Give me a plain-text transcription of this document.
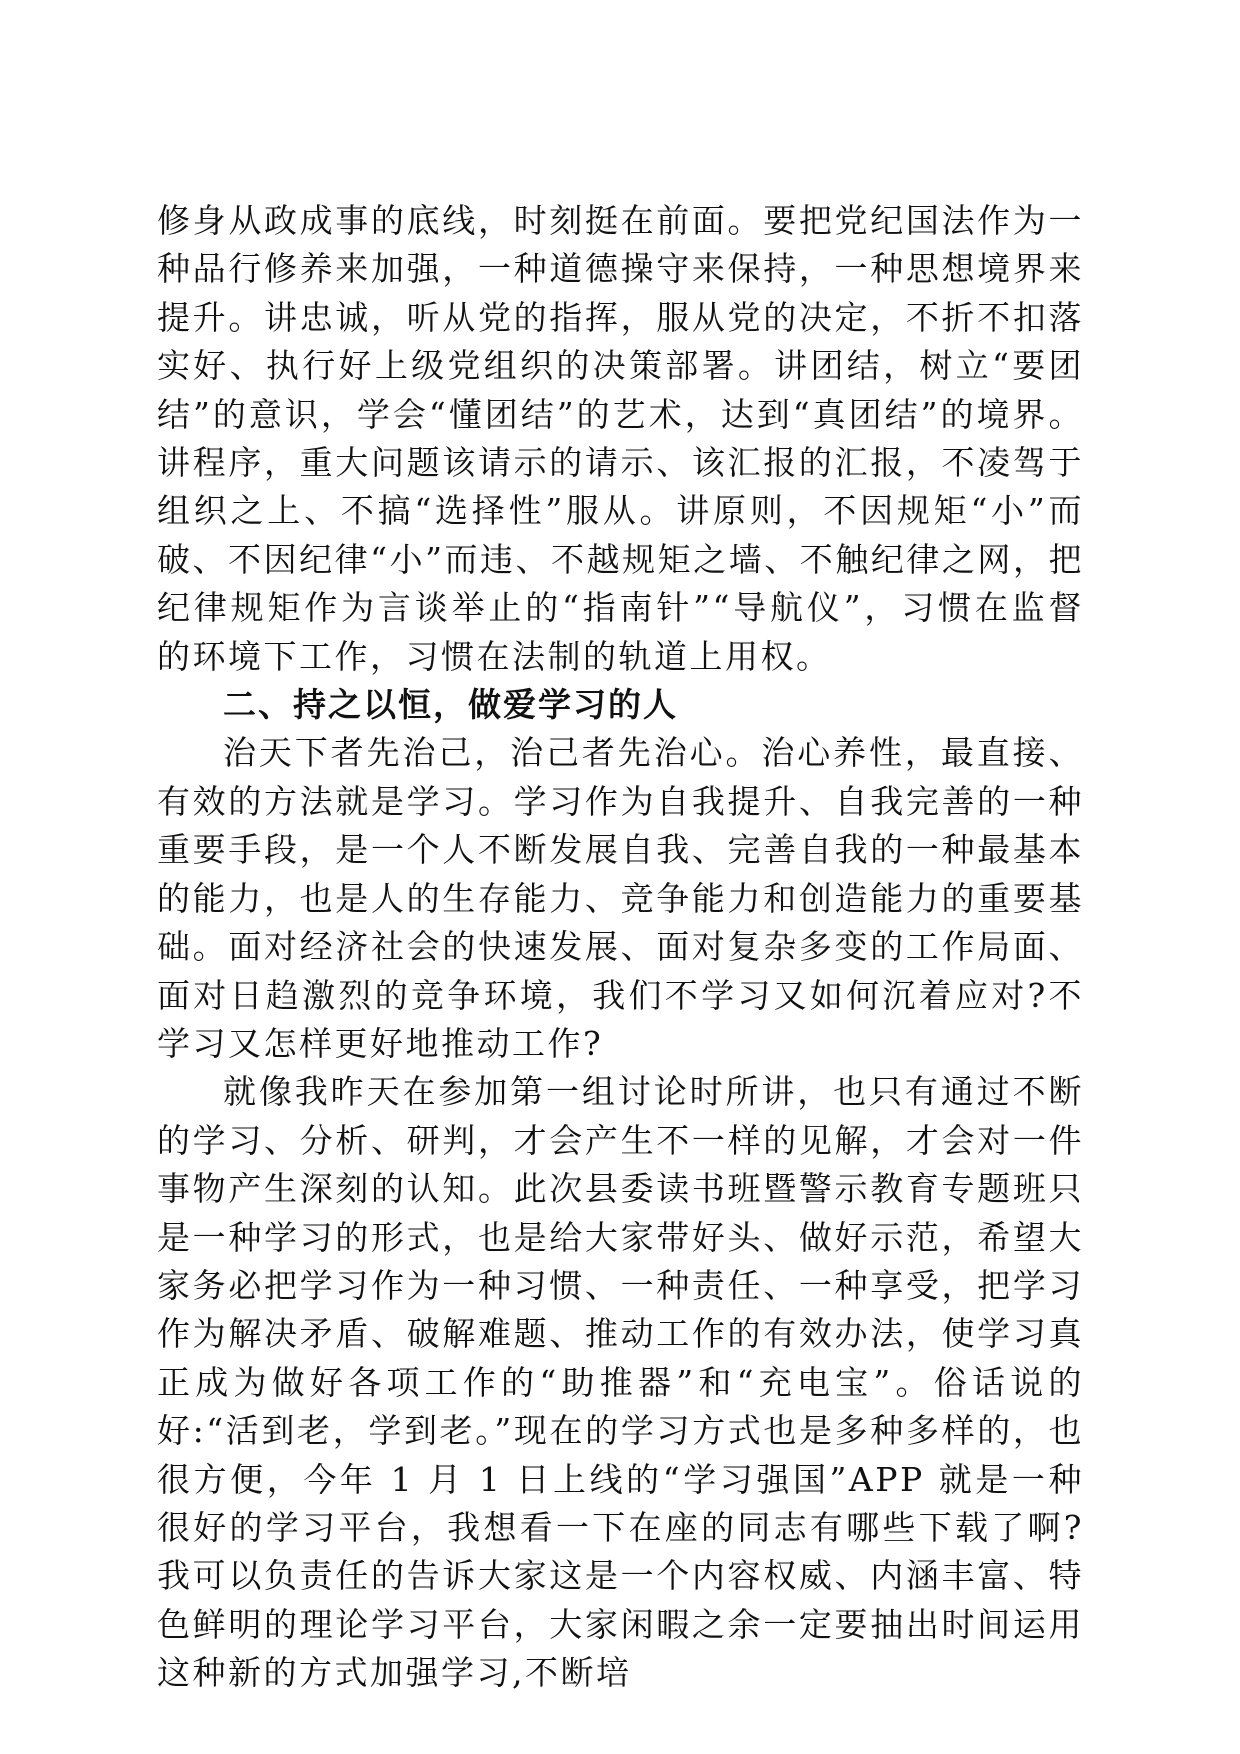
修身从政成事的底线，时刻挺在前面。要把党纪国法作为一种品行修养来加强，一种道德操守来保持，一种思想境界来提升。讲忠诚，听从党的指挥，服从党的决定，不折不扣落实好、执行好上级党组织的决策部署。讲团结，树立“要团结”的意识，学会“懂团结”的艺术，达到“真团结”的境界。讲程序，重大问题该请示的请示、该汇报的汇报，不凌驾于组织之上、不搞“选择性”服从。讲原则，不因规矩“小”而破、不因纪律“小”而违、不越规矩之墙、不触纪律之网，把纪律规矩作为言谈举止的“指南针”“导航仪”，习惯在监督的环境下工作，习惯在法制的轨道上用权。

二、持之以恒，做爱学习的人

治天下者先治己，治己者先治心。治心养性，最直接、有效的方法就是学习。学习作为自我提升、自我完善的一种重要手段，是一个人不断发展自我、完善自我的一种最基本的能力，也是人的生存能力、竞争能力和创造能力的重要基础。面对经济社会的快速发展、面对复杂多变的工作局面、面对日趋激烈的竞争环境，我们不学习又如何沉着应对?不学习又怎样更好地推动工作?

就像我昨天在参加第一组讨论时所讲，也只有通过不断的学习、分析、研判，才会产生不一样的见解，才会对一件事物产生深刻的认知。此次县委读书班暨警示教育专题班只是一种学习的形式，也是给大家带好头、做好示范，希望大家务必把学习作为一种习惯、一种责任、一种享受，把学习作为解决矛盾、破解难题、推动工作的有效办法，使学习真正成为做好各项工作的“助推器”和“充电宝”。俗话说的好:“活到老，学到老。”现在的学习方式也是多种多样的，也很方便，今年 1 月 1 日上线的“学习强国”APP 就是一种很好的学习平台，我想看一下在座的同志有哪些下载了啊?我可以负责任的告诉大家这是一个内容权威、内涵丰富、特色鲜明的理论学习平台，大家闲暇之余一定要抽出时间运用这种新的方式加强学习,不断培
